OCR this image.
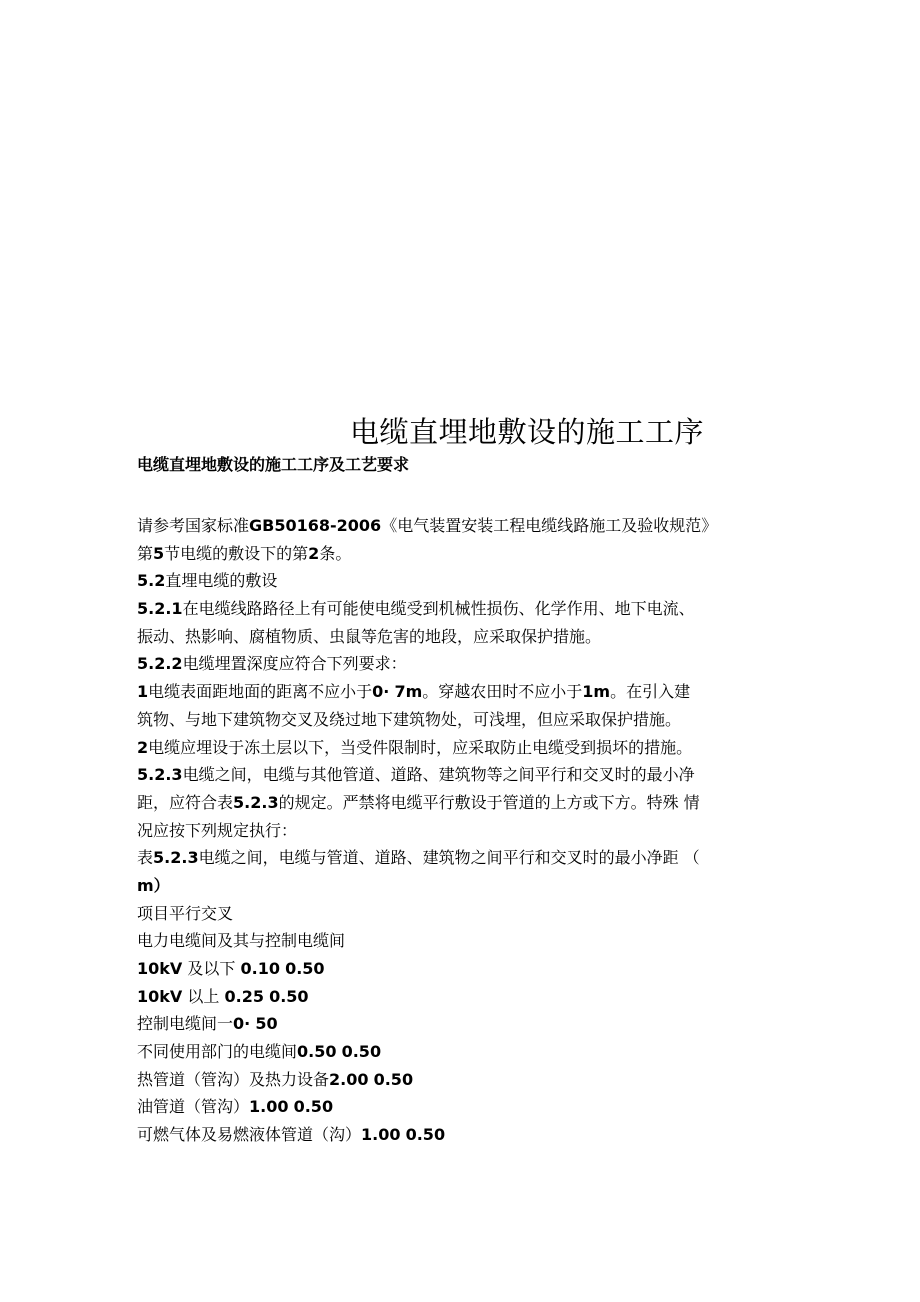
电缆直埋地敷设的施工工序
电缆直埋地敷设的施工工序及工艺要求
请参考国家标准GB50168-2006《电气装置安装工程电缆线路施工及验收规范》
第5节电缆的敷设下的第2条。
5.2直埋电缆的敷设
5.2.1在电缆线路路径上有可能使电缆受到机械性损伤、化学作用、地下电流、
振动、热影响、腐植物质、虫鼠等危害的地段，应采取保护措施。
5.2.2电缆埋置深度应符合下列要求：
1电缆表面距地面的距离不应小于0· 7m。穿越农田时不应小于1m。在引入建
筑物、与地下建筑物交叉及绕过地下建筑物处，可浅埋，但应采取保护措施。
2电缆应埋设于冻土层以下，当受件限制时，应采取防止电缆受到损坏的措施。
5.2.3电缆之间，电缆与其他管道、道路、建筑物等之间平行和交叉时的最小净
距，应符合表5.2.3的规定。严禁将电缆平行敷设于管道的上方或下方。特殊 情
况应按下列规定执行：
表5.2.3电缆之间，电缆与管道、道路、建筑物之间平行和交叉时的最小净距 （
m）
项目平行交叉
电力电缆间及其与控制电缆间
10kV 及以下 0.10 0.50
10kV 以上 0.25 0.50
控制电缆间一0· 50
不同使用部门的电缆间0.50 0.50
热管道（管沟）及热力设备2.00 0.50
油管道（管沟）1.00 0.50
可燃气体及易燃液体管道（沟）1.00 0.50
